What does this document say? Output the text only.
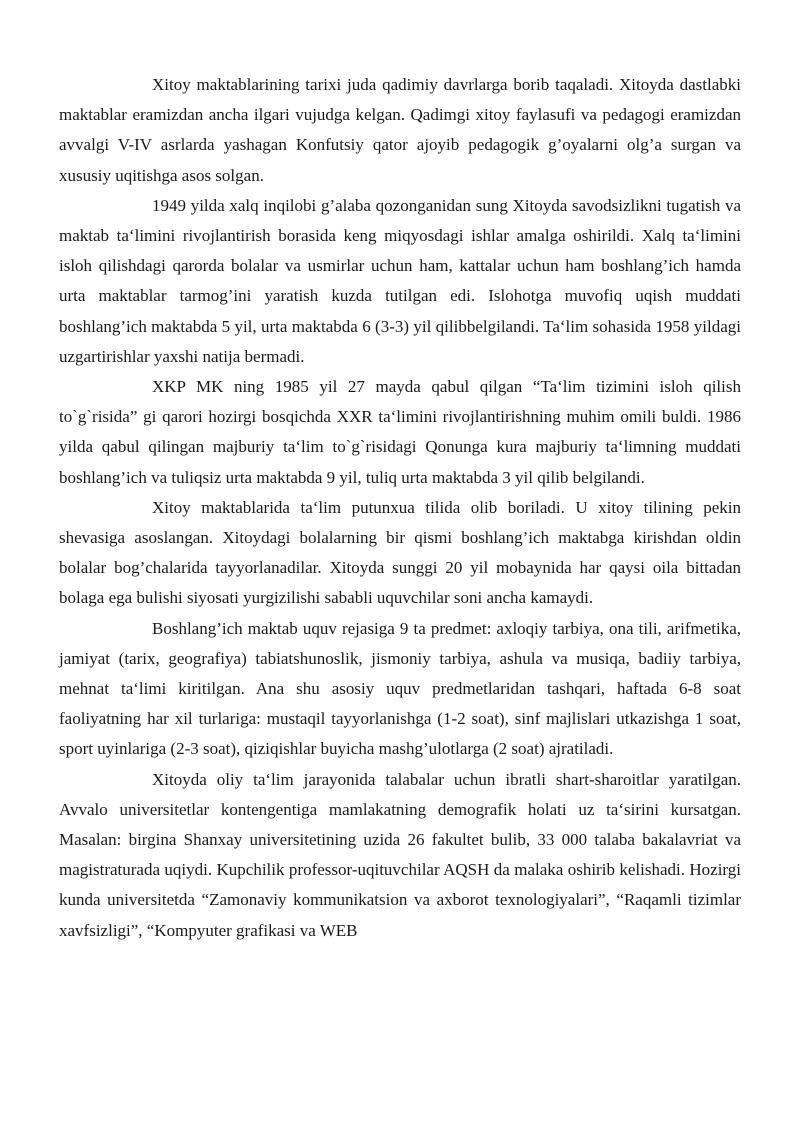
Xitoy maktablarining tarixi juda qadimiy davrlarga borib taqaladi. Xitoyda dastlabki maktablar eramizdan ancha ilgari vujudga kelgan. Qadimgi xitoy faylasufi va pedagogi eramizdan avvalgi V-IV asrlarda yashagan Konfutsiy qator ajoyib pedagogik g’oyalarni olg’a surgan va xususiy uqitishga asos solgan.

1949 yilda xalq inqilobi g’alaba qozonganidan sung Xitoyda savodsizlikni tugatish va maktab ta‘limini rivojlantirish borasida keng miqyosdagi ishlar amalga oshirildi. Xalq ta‘limini isloh qilishdagi qarorda bolalar va usmirlar uchun ham, kattalar uchun ham boshlang’ich hamda urta maktablar tarmog’ini yaratish kuzda tutilgan edi. Islohotga muvofiq uqish muddati boshlang’ich maktabda 5 yil, urta maktabda 6 (3-3) yil qilibbelgilandi. Ta‘lim sohasida 1958 yildagi uzgartirishlar yaxshi natija bermadi.

XKP MK ning 1985 yil 27 mayda qabul qilgan “Ta‘lim tizimini isloh qilish to`g`risida” gi qarori hozirgi bosqichda XXR ta‘limini rivojlantirishning muhim omili buldi. 1986 yilda qabul qilingan majburiy ta‘lim to`g`risidagi Qonunga kura majburiy ta‘limning muddati boshlang’ich va tuliqsiz urta maktabda 9 yil, tuliq urta maktabda 3 yil qilib belgilandi.

Xitoy maktablarida ta‘lim putunxua tilida olib boriladi. U xitoy tilining pekin shevasiga asoslangan. Xitoydagi bolalarning bir qismi boshlang’ich maktabga kirishdan oldin bolalar bog’chalarida tayyorlanadilar. Xitoyda sunggi 20 yil mobaynida har qaysi oila bittadan bolaga ega bulishi siyosati yurgizilishi sababli uquvchilar soni ancha kamaydi.

Boshlang’ich maktab uquv rejasiga 9 ta predmet: axloqiy tarbiya, ona tili, arifmetika, jamiyat (tarix, geografiya) tabiatshunoslik, jismoniy tarbiya, ashula va musiqa, badiiy tarbiya, mehnat ta‘limi kiritilgan. Ana shu asosiy uquv predmetlaridan tashqari, haftada 6-8 soat faoliyatning har xil turlariga: mustaqil tayyorlanishga (1-2 soat), sinf majlislari utkazishga 1 soat, sport uyinlariga (2-3 soat), qiziqishlar buyicha mashg’ulotlarga (2 soat) ajratiladi.

Xitoyda oliy ta‘lim jarayonida talabalar uchun ibratli shart-sharoitlar yaratilgan. Avvalo universitetlar kontengentiga mamlakatning demografik holati uz ta‘sirini kursatgan. Masalan: birgina Shanxay universitetining uzida 26 fakultet bulib, 33 000 talaba bakalavriat va magistraturada uqiydi. Kupchilik professor-uqituvchilar AQSH da malaka oshirib kelishadi. Hozirgi kunda universitetda “Zamonaviy kommunikatsion va axborot texnologiyalari”, “Raqamli tizimlar xavfsizligi”, “Kompyuter grafikasi va WEB
